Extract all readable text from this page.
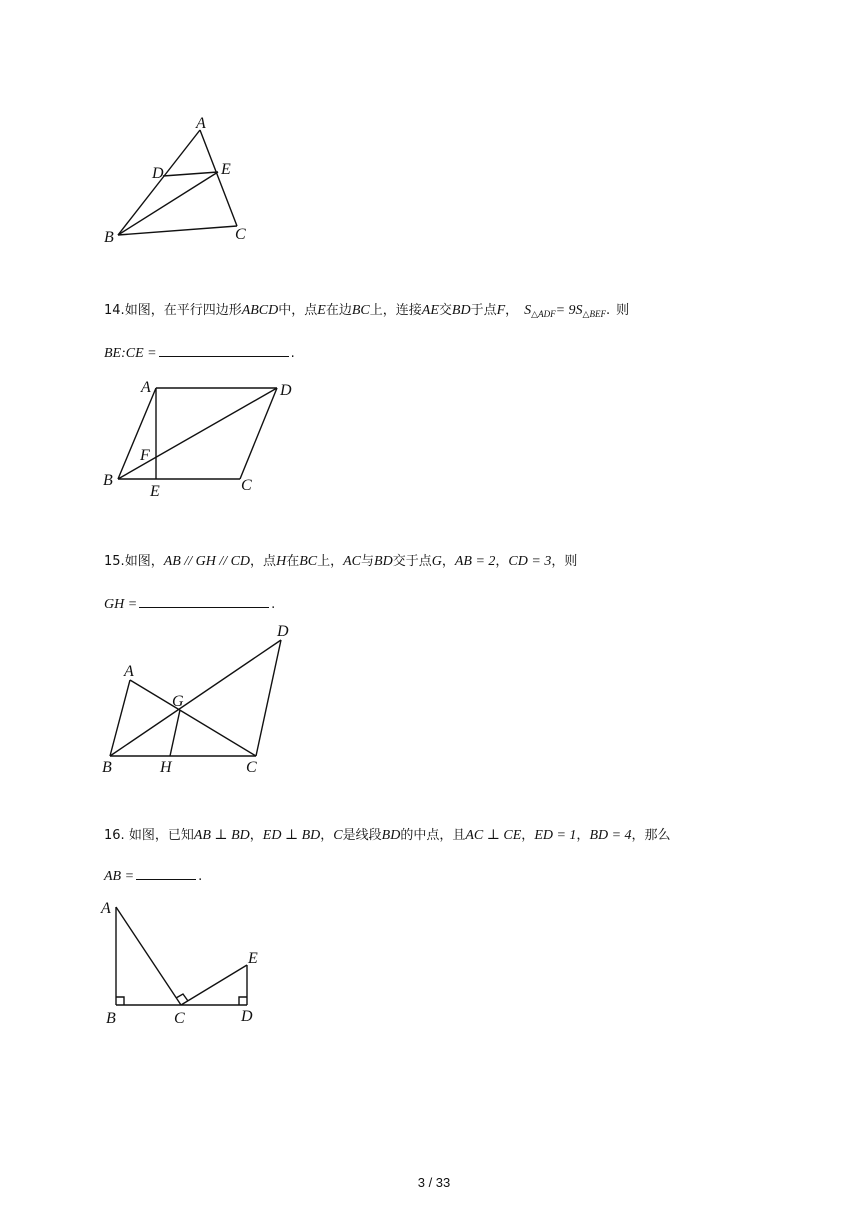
A
D	E
B	C
14.如图，在平行四边形ABCD中，点E在边BC上，连接AE交BD于点F， $S_{\triangle ADF}= 9S_{\triangle BEF}$. 则
BE:CE =	.
A	D
F
B
E	C
15.如图，AB // GH // CD，点H在BC上，AC与BD交于点G，AB = 2，CD = 3，则
GH =	.
D
A
G
B	H	C
16. 如图，已知AB ⊥ BD，ED ⊥ BD，C是线段BD的中点，且AC ⊥ CE，ED = 1，BD = 4，那么
AB =	.
A
E
B	C	D
3 / 33
